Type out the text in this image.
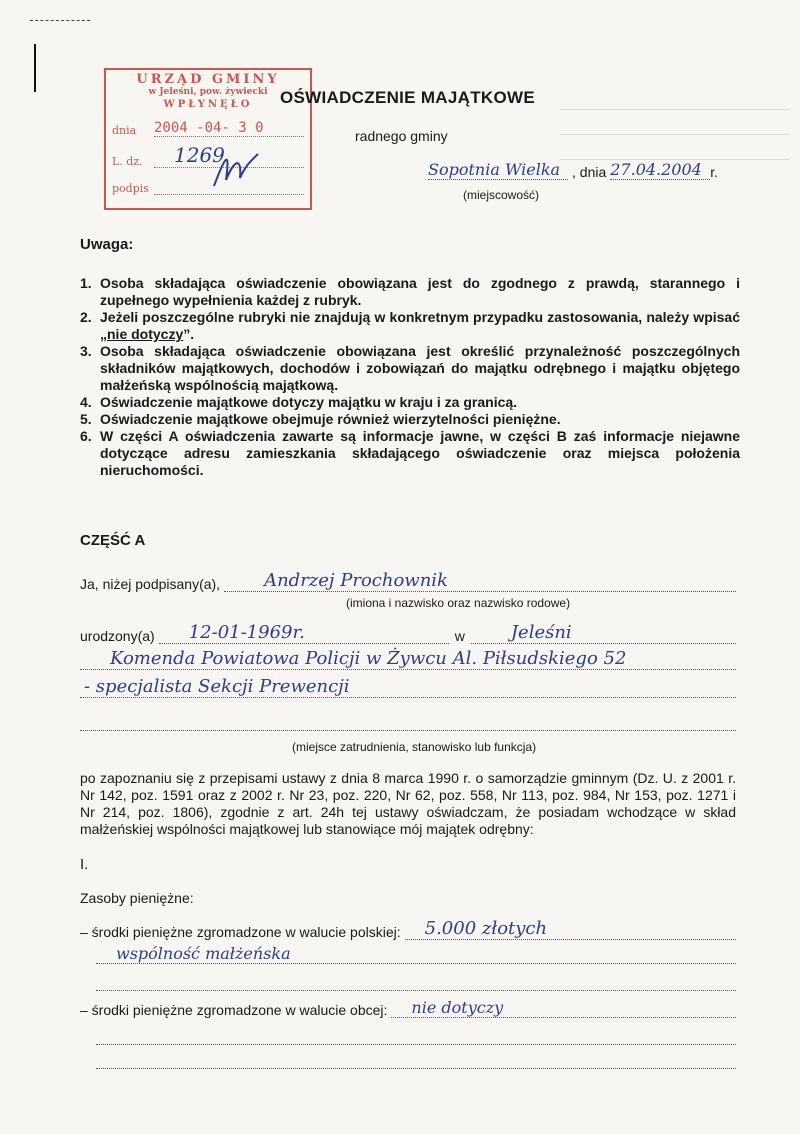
URZĄD GMINY
w Jeleśni, pow. żywiecki
WPŁYNĘŁO
dnia	2004 -04- 3 0
L. dz.	1269
podpis
OŚWIADCZENIE MAJĄTKOWE
radnego gminy
Sopotnia Wielka , dnia 27.04.2004 r.
(miejscowość)
Uwaga:
1. Osoba składająca oświadczenie obowiązana jest do zgodnego z prawdą, starannego i zupełnego wypełnienia każdej z rubryk.
2. Jeżeli poszczególne rubryki nie znajdują w konkretnym przypadku zastosowania, należy wpisać „nie dotyczy”.
3. Osoba składająca oświadczenie obowiązana jest określić przynależność poszczególnych składników majątkowych, dochodów i zobowiązań do majątku odrębnego i majątku objętego małżeńską wspólnością majątkową.
4. Oświadczenie majątkowe dotyczy majątku w kraju i za granicą.
5. Oświadczenie majątkowe obejmuje również wierzytelności pieniężne.
6. W części A oświadczenia zawarte są informacje jawne, w części B zaś informacje niejawne dotyczące adresu zamieszkania składającego oświadczenie oraz miejsca położenia nieruchomości.
CZĘŚĆ A
Ja, niżej podpisany(a),	Andrzej Prochownik
(imiona i nazwisko oraz nazwisko rodowe)
urodzony(a)	12-01-1969r.	w	Jeleśni
Komenda Powiatowa Policji w Żywcu Al. Piłsudskiego 52
- specjalista Sekcji Prewencji
(miejsce zatrudnienia, stanowisko lub funkcja)
po zapoznaniu się z przepisami ustawy z dnia 8 marca 1990 r. o samorządzie gminnym (Dz. U. z 2001 r. Nr 142, poz. 1591 oraz z 2002 r. Nr 23, poz. 220, Nr 62, poz. 558, Nr 113, poz. 984, Nr 153, poz. 1271 i Nr 214, poz. 1806), zgodnie z art. 24h tej ustawy oświadczam, że posiadam wchodzące w skład małżeńskiej wspólności majątkowej lub stanowiące mój majątek odrębny:
I.
Zasoby pieniężne:
– środki pieniężne zgromadzone w walucie polskiej:	5.000 złotych
wspólność małżeńska
– środki pieniężne zgromadzone w walucie obcej:	nie dotyczy
